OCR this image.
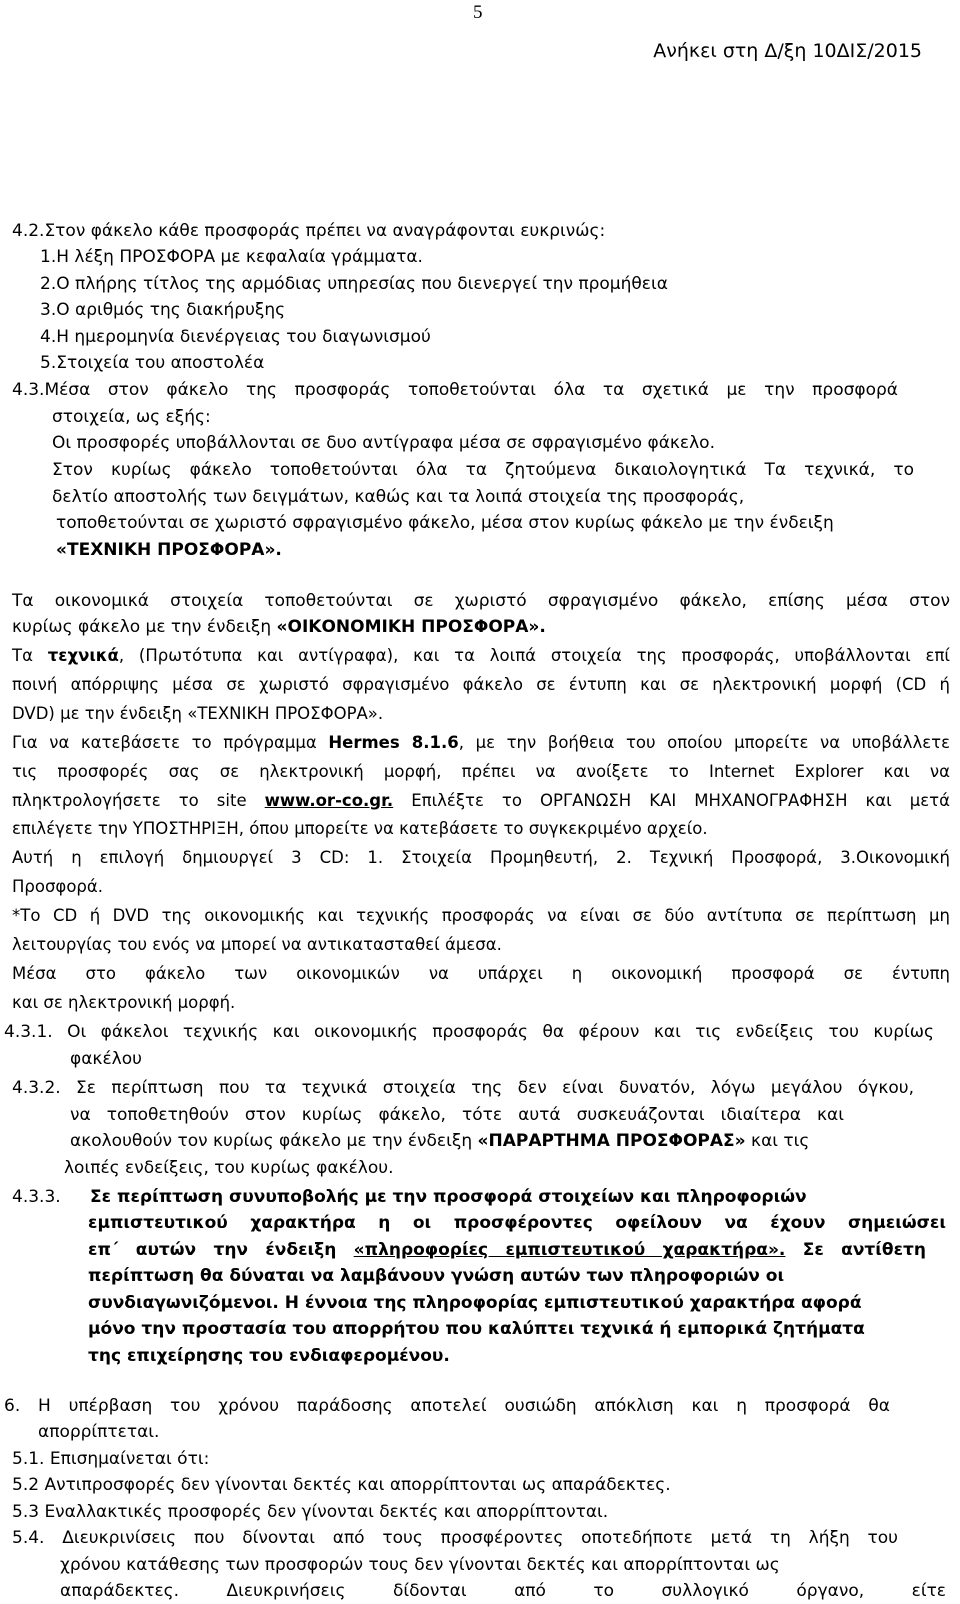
5
Ανήκει στη Δ/ξη 10ΔΙΣ/2015
4.2.Στον φάκελο κάθε προσφοράς πρέπει να αναγράφονται ευκρινώς:
1.Η λέξη ΠΡΟΣΦΟΡΑ με κεφαλαία γράμματα.
2.Ο πλήρης τίτλος της αρμόδιας υπηρεσίας που διενεργεί την προμήθεια
3.Ο αριθμός της διακήρυξης
4.Η ημερομηνία διενέργειας του διαγωνισμού
5.Στοιχεία του αποστολέα
4.3.Μέσα στον φάκελο της προσφοράς τοποθετούνται όλα τα σχετικά με την προσφορά
στοιχεία, ως εξής:
Οι προσφορές υποβάλλονται σε δυο αντίγραφα μέσα σε σφραγισμένο φάκελο.
Στον κυρίως φάκελο τοποθετούνται όλα τα ζητούμενα δικαιολογητικά Τα τεχνικά, το
δελτίο αποστολής των δειγμάτων, καθώς και τα λοιπά στοιχεία της προσφοράς,
τοποθετούνται σε χωριστό σφραγισμένο φάκελο, μέσα στον κυρίως φάκελο με την ένδειξη
«ΤΕΧΝΙΚΗ ΠΡΟΣΦΟΡΑ».
Τα οικονομικά στοιχεία τοποθετούνται σε χωριστό σφραγισμένο φάκελο, επίσης μέσα στον
κυρίως φάκελο με την ένδειξη «ΟΙΚΟΝΟΜΙΚΗ ΠΡΟΣΦΟΡΑ».
Τα τεχνικά, (Πρωτότυπα και αντίγραφα), και τα λοιπά στοιχεία της προσφοράς, υποβάλλονται επί
ποινή απόρριψης μέσα σε χωριστό σφραγισμένο φάκελο σε έντυπη και σε ηλεκτρονική μορφή (CD ή
DVD) με την ένδειξη «ΤΕΧΝΙΚΗ ΠΡΟΣΦΟΡΑ».
Για να κατεβάσετε το πρόγραμμα Hermes 8.1.6, με την βοήθεια του οποίου μπορείτε να υποβάλλετε
τις προσφορές σας σε ηλεκτρονική μορφή, πρέπει να ανοίξετε το Internet Explorer και να
πληκτρολογήσετε το site www.or-co.gr. Επιλέξτε το ΟΡΓΑΝΩΣΗ ΚΑΙ ΜΗΧΑΝΟΓΡΑΦΗΣΗ και μετά
επιλέγετε την ΥΠΟΣΤΗΡΙΞΗ, όπου μπορείτε να κατεβάσετε το συγκεκριμένο αρχείο.
Αυτή η επιλογή δημιουργεί 3 CD: 1. Στοιχεία Προμηθευτή, 2. Τεχνική Προσφορά, 3.Οικονομική
Προσφορά.
*Το CD ή DVD της οικονομικής και τεχνικής προσφοράς να είναι σε δύο αντίτυπα σε περίπτωση μη
λειτουργίας του ενός να μπορεί να αντικατασταθεί άμεσα.
Μέσα στο φάκελο των οικονομικών να υπάρχει η οικονομική προσφορά σε έντυπη
και σε ηλεκτρονική μορφή.
4.3.1. Οι φάκελοι τεχνικής και οικονομικής προσφοράς θα φέρουν και τις ενδείξεις του κυρίως
φακέλου
4.3.2. Σε περίπτωση που τα τεχνικά στοιχεία της δεν είναι δυνατόν, λόγω μεγάλου όγκου,
να τοποθετηθούν στον κυρίως φάκελο, τότε αυτά συσκευάζονται ιδιαίτερα και
ακολουθούν τον κυρίως φάκελο με την ένδειξη «ΠΑΡΑΡΤΗΜΑ ΠΡΟΣΦΟΡΑΣ» και τις
λοιπές ενδείξεις, του κυρίως φακέλου.
4.3.3. Σε περίπτωση συνυποβολής με την προσφορά στοιχείων και πληροφοριών
εμπιστευτικού χαρακτήρα η οι προσφέροντες οφείλουν να έχουν σημειώσει
επ΄ αυτών την ένδειξη «πληροφορίες εμπιστευτικού χαρακτήρα». Σε αντίθετη
περίπτωση θα δύναται να λαμβάνουν γνώση αυτών των πληροφοριών οι
συνδιαγωνιζόμενοι. Η έννοια της πληροφορίας εμπιστευτικού χαρακτήρα αφορά
μόνο την προστασία του απορρήτου που καλύπτει τεχνικά ή εμπορικά ζητήματα
της επιχείρησης του ενδιαφερομένου.
6. Η υπέρβαση του χρόνου παράδοσης αποτελεί ουσιώδη απόκλιση και η προσφορά θα
απορρίπτεται.
5.1. Επισημαίνεται ότι:
5.2 Αντιπροσφορές δεν γίνονται δεκτές και απορρίπτονται ως απαράδεκτες.
5.3 Εναλλακτικές προσφορές δεν γίνονται δεκτές και απορρίπτονται.
5.4. Διευκρινίσεις που δίνονται από τους προσφέροντες οποτεδήποτε μετά τη λήξη του
χρόνου κατάθεσης των προσφορών τους δεν γίνονται δεκτές και απορρίπτονται ως
απαράδεκτες. Διευκρινήσεις δίδονται από το συλλογικό όργανο, είτε
